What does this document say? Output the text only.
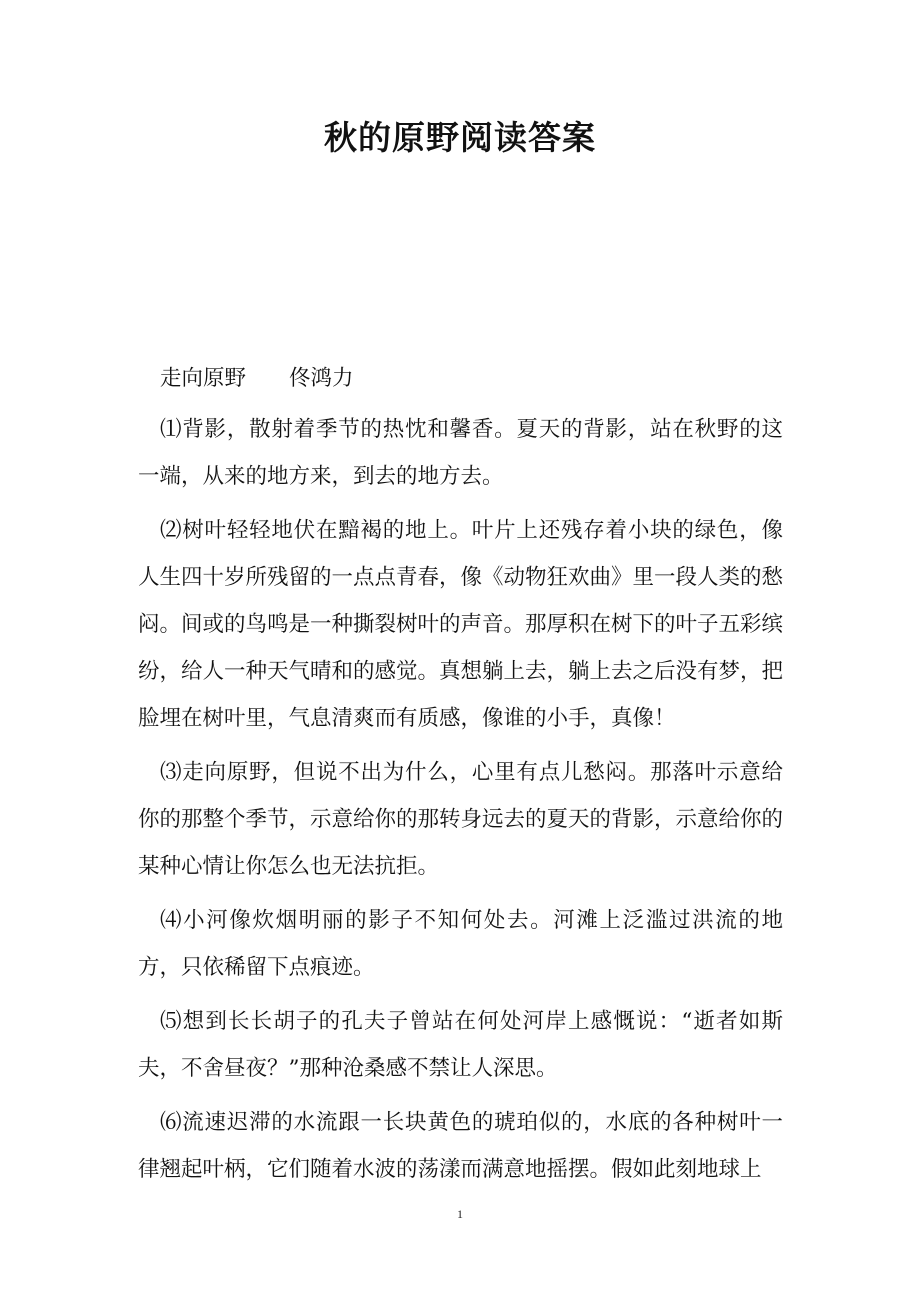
秋的原野阅读答案
走向原野　　佟鸿力

⑴背影，散射着季节的热忱和馨香。夏天的背影，站在秋野的这一端，从来的地方来，到去的地方去。

⑵树叶轻轻地伏在黯褐的地上。叶片上还残存着小块的绿色，像人生四十岁所残留的一点点青春，像《动物狂欢曲》里一段人类的愁闷。间或的鸟鸣是一种撕裂树叶的声音。那厚积在树下的叶子五彩缤纷，给人一种天气晴和的感觉。真想躺上去，躺上去之后没有梦，把脸埋在树叶里，气息清爽而有质感，像谁的小手，真像！

⑶走向原野，但说不出为什么，心里有点儿愁闷。那落叶示意给你的那整个季节，示意给你的那转身远去的夏天的背影，示意给你的某种心情让你怎么也无法抗拒。

⑷小河像炊烟明丽的影子不知何处去。河滩上泛滥过洪流的地方，只依稀留下点痕迹。

⑸想到长长胡子的孔夫子曾站在何处河岸上感慨说：“逝者如斯夫，不舍昼夜？”那种沧桑感不禁让人深思。

⑹流速迟滞的水流跟一长块黄色的琥珀似的，水底的各种树叶一律翘起叶柄，它们随着水波的荡漾而满意地摇摆。假如此刻地球上

1
